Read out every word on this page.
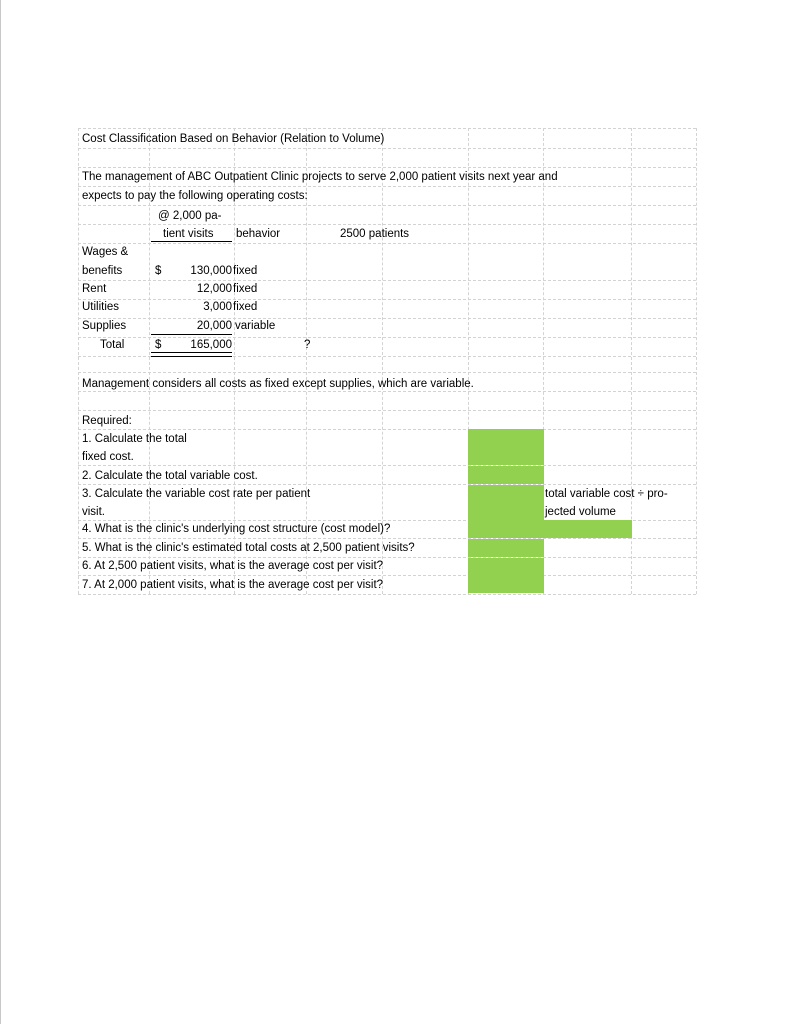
Cost Classification Based on Behavior (Relation to Volume)
The management of ABC Outpatient Clinic projects to serve 2,000 patient visits next year and
expects to pay the following operating costs:
@ 2,000 pa-
tient visits behavior	2500 patients
Wages &
benefits	$	130,000 fixed
Rent	12,000 fixed
Utilities	3,000 fixed
Supplies	20,000 variable
Total	$	165,000	?
Management considers all costs as fixed except supplies, which are variable.
Required:
1. Calculate the total
fixed cost.
2. Calculate the total variable cost.
3. Calculate the variable cost rate per patient
visit.
4. What is the clinic's underlying cost structure (cost model)?
5. What is the clinic's estimated total costs at 2,500 patient visits?
6. At 2,500 patient visits, what is the average cost per visit?
7. At 2,000 patient visits, what is the average cost per visit?
total variable cost ÷ pro-
jected volume
